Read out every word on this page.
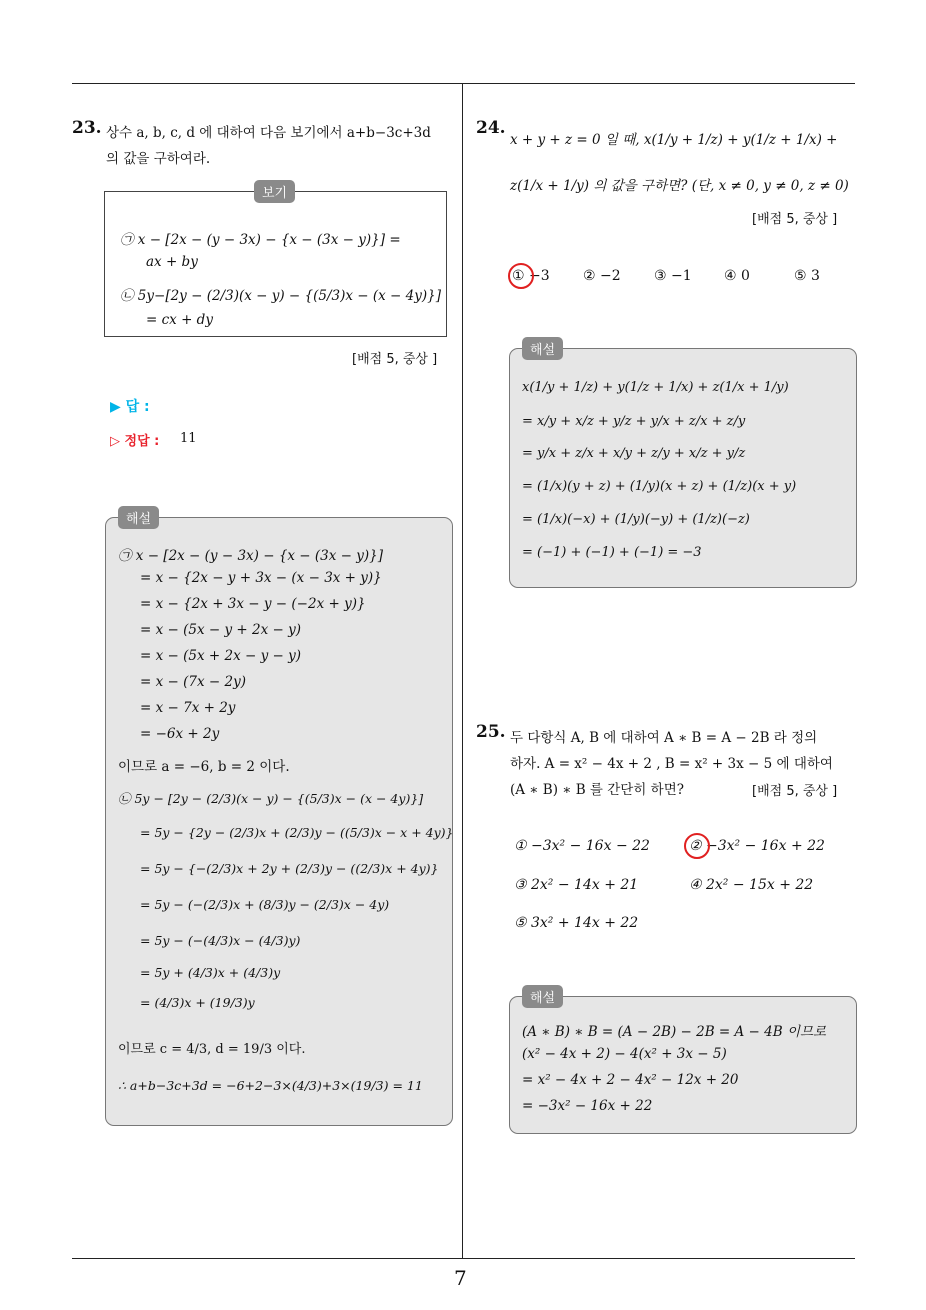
23. 상수 a, b, c, d 에 대하여 다음 보기에서 a+b−3c+3d
의 값을 구하여라.
보기
㉠ x − [2x − (y − 3x) − {x − (3x − y)}] =
ax + by
㉡ 5y−[2y − (2/3)(x − y) − {(5/3)x − (x − 4y)}]
= cx + dy
[배점 5, 중상 ]
▶ 답 :
▷ 정답 : 11
해설
㉠ x − [2x − (y − 3x) − {x − (3x − y)}]
= x − {2x − y + 3x − (x − 3x + y)}
= x − {2x + 3x − y − (−2x + y)}
= x − (5x − y + 2x − y)
= x − (5x + 2x − y − y)
= x − (7x − 2y)
= x − 7x + 2y
= −6x + 2y
이므로 a = −6, b = 2 이다.
㉡ 5y − [2y − (2/3)(x − y) − {(5/3)x − (x − 4y)}]
= 5y − {2y − (2/3)x + (2/3)y − ((5/3)x − x + 4y)}
= 5y − {−(2/3)x + 2y + (2/3)y − ((2/3)x + 4y)}
= 5y − (−(2/3)x + (8/3)y − (2/3)x − 4y)
= 5y − (−(4/3)x − (4/3)y)
= 5y + (4/3)x + (4/3)y
= (4/3)x + (19/3)y
이므로 c = 4/3, d = 19/3 이다.
∴ a+b−3c+3d = −6+2−3×(4/3)+3×(19/3) = 11
24.
x + y + z = 0 일 때, x(1/y + 1/z) + y(1/z + 1/x) +
z(1/x + 1/y) 의 값을 구하면? (단, x ≠ 0, y ≠ 0, z ≠ 0)
[배점 5, 중상 ]
① −3 ② −2 ③ −1 ④ 0	⑤ 3
해설
x(1/y + 1/z) + y(1/z + 1/x) + z(1/x + 1/y)
= x/y + x/z + y/z + y/x + z/x + z/y
= y/x + z/x + x/y + z/y + x/z + y/z
= (1/x)(y + z) + (1/y)(x + z) + (1/z)(x + y)
= (1/x)(−x) + (1/y)(−y) + (1/z)(−z)
= (−1) + (−1) + (−1) = −3
25. 두 다항식 A, B 에 대하여 A ∗ B = A − 2B 라 정의
하자. A = x² − 4x + 2 , B = x² + 3x − 5 에 대하여
(A ∗ B) ∗ B 를 간단히 하면?	[배점 5, 중상 ]
① −3x² − 16x − 22	② −3x² − 16x + 22
③ 2x² − 14x + 21	④ 2x² − 15x + 22
⑤ 3x² + 14x + 22
해설
(A ∗ B) ∗ B = (A − 2B) − 2B = A − 4B 이므로
(x² − 4x + 2) − 4(x² + 3x − 5)
= x² − 4x + 2 − 4x² − 12x + 20
= −3x² − 16x + 22
7
